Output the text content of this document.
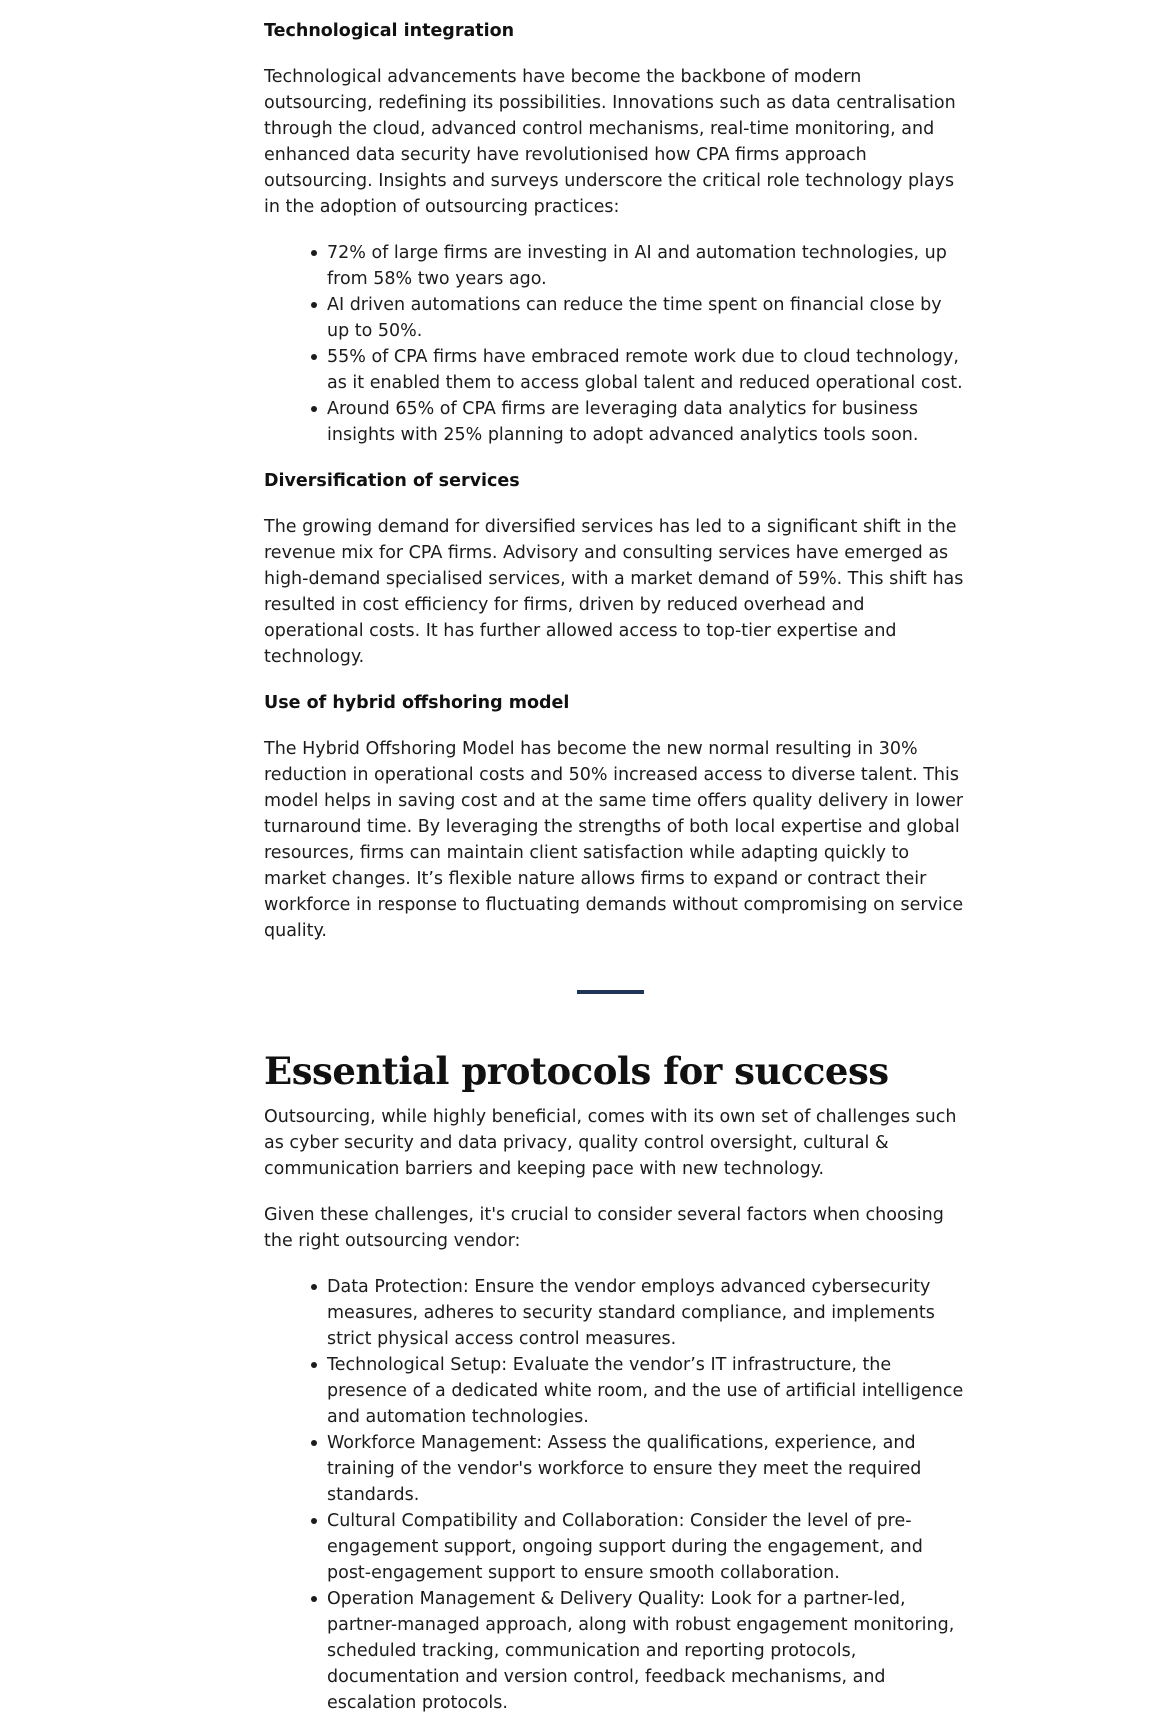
Technological integration

Technological advancements have become the backbone of modern outsourcing, redefining its possibilities. Innovations such as data centralisation through the cloud, advanced control mechanisms, real-time monitoring, and enhanced data security have revolutionised how CPA firms approach outsourcing. Insights and surveys underscore the critical role technology plays in the adoption of outsourcing practices:

72% of large firms are investing in AI and automation technologies, up from 58% two years ago.
AI driven automations can reduce the time spent on financial close by up to 50%.
55% of CPA firms have embraced remote work due to cloud technology, as it enabled them to access global talent and reduced operational cost.
Around 65% of CPA firms are leveraging data analytics for business insights with 25% planning to adopt advanced analytics tools soon.
Diversification of services

The growing demand for diversified services has led to a significant shift in the revenue mix for CPA firms. Advisory and consulting services have emerged as high-demand specialised services, with a market demand of 59%. This shift has resulted in cost efficiency for firms, driven by reduced overhead and operational costs. It has further allowed access to top-tier expertise and technology.

Use of hybrid offshoring model

The Hybrid Offshoring Model has become the new normal resulting in 30% reduction in operational costs and 50% increased access to diverse talent. This model helps in saving cost and at the same time offers quality delivery in lower turnaround time. By leveraging the strengths of both local expertise and global resources, firms can maintain client satisfaction while adapting quickly to market changes. It’s flexible nature allows firms to expand or contract their workforce in response to fluctuating demands without compromising on service quality.

Essential protocols for success

Outsourcing, while highly beneficial, comes with its own set of challenges such as cyber security and data privacy, quality control oversight, cultural & communication barriers and keeping pace with new technology.

Given these challenges, it's crucial to consider several factors when choosing the right outsourcing vendor:

Data Protection: Ensure the vendor employs advanced cybersecurity measures, adheres to security standard compliance, and implements strict physical access control measures.
Technological Setup: Evaluate the vendor’s IT infrastructure, the presence of a dedicated white room, and the use of artificial intelligence and automation technologies.
Workforce Management: Assess the qualifications, experience, and training of the vendor's workforce to ensure they meet the required standards.
Cultural Compatibility and Collaboration: Consider the level of pre-engagement support, ongoing support during the engagement, and post-engagement support to ensure smooth collaboration.
Operation Management & Delivery Quality: Look for a partner-led, partner-managed approach, along with robust engagement monitoring, scheduled tracking, communication and reporting protocols, documentation and version control, feedback mechanisms, and escalation protocols.
